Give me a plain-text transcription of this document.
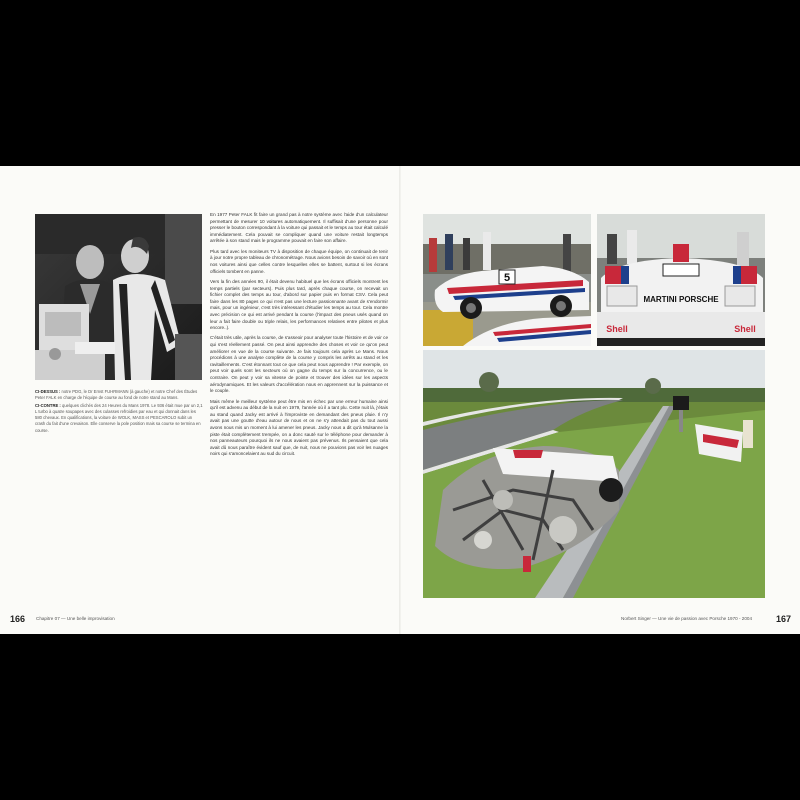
CI-DESSUS : notre PDG, le Dr Ernst FUHRMANN (à gauche) et notre Chef des Études Peter FALK en charge de l'équipe de course au fond de notre stand au Mans.

CI-CONTRE : quelques clichés des 24 Heures du Mans 1978. Le 936 était mue par un 2,1 L turbo à quatre soupapes avec des culasses refroidies par eau et qui donnait dans les 580 chevaux. En qualifications, la voiture de WOLK, MASS et PESCAROLO subit un crash du fait d'une crevaison. Elle conserve la pole position mais sa course se termina en course.

En 1977 Peter FALK fit faire un grand pas à notre système avec l'aide d'un calculateur permettant de mesurer 10 voitures automatiquement. Il suffisait d'une personne pour presser le bouton correspondant à la voiture qui passait et le temps au tour était calculé immédiatement. Cela pouvait se compliquer quand une voiture restait longtemps arrêtée à son stand mais le programme pouvait en faire son affaire.

Plus tard avec les moniteurs TV à disposition de chaque équipe, on continuait de tenir à jour notre propre tableau de chronométrage. Nous avions besoin de savoir où en sont nos voitures ainsi que celles contre lesquelles elles se battent, surtout si les écrans officiels tombent en panne.

Vers la fin des années 90, il était devenu habituel que les écrans officiels montrent les temps partiels (par secteurs). Puis plus tard, après chaque course, on recevait un fichier complet des temps au tour, d'abord sur papier puis en format CSV. Cela peut faire dans les 80 pages ce qui n'est pas une lecture passionnante avant de s'endormir mais, pour un ingénieur, c'est très intéressant d'étudier les temps au tour. Cela montre avec précision ce qui est arrivé pendant la course (l'impact des pneus usés quand on leur a fait faire double ou triple relais, les performances relatives entre pilotes et plus encore..).

C'était très utile, après la course, de s'asseoir pour analyser toute l'histoire et de voir ce qui s'est réellement passé. On peut ainsi apprendre des choses et voir ce qu'on peut améliorer en vue de la course suivante. Je fais toujours cela après Le Mans. Nous procédions à une analyse complète de la course y compris les arrêts au stand et les ravitaillements. C'est étonnant tout ce que cela peut nous apprendre ! Par exemple, on peut voir quels sont les secteurs où on gagne du temps sur la concurrence, ou le contraire. On peut y voir sa vitesse de pointe et trouver des idées sur les aspects aérodynamiques. Et les valeurs d'accélération nous en apprennent sur la puissance et le couple.

Mais même le meilleur système peut être mis en échec par une erreur humaine ainsi qu'il est advenu au début de la nuit en 1979, l'année où il a tant plu. Cette nuit là, j'étais au stand quand Jacky est arrivé à l'improviste en demandant des pneus pluie. Il n'y avait pas une goutte d'eau autour de nous et on ne s'y attendait pas du tout aussi avons nous mis un moment à lui amener les pneus. Jacky nous a dit qu'à Mulsanne la piste était complètement trempée, on a donc sauté sur le téléphone pour demander à nos panneauteurs pourquoi ils ne nous avaient pas prévenus. Ils pensaient que cela avait dû nous paraître évident sauf que, de nuit, nous ne pouvions pas voir les nuages noirs qui s'amoncelaient au sud du circuit.

166 Chapitre 07 — Une belle improvisation
5
MARTINI PORSCHE
Shell	Shell
Norbert Singer — Une vie de passion avec Porsche 1970 - 2004	167
